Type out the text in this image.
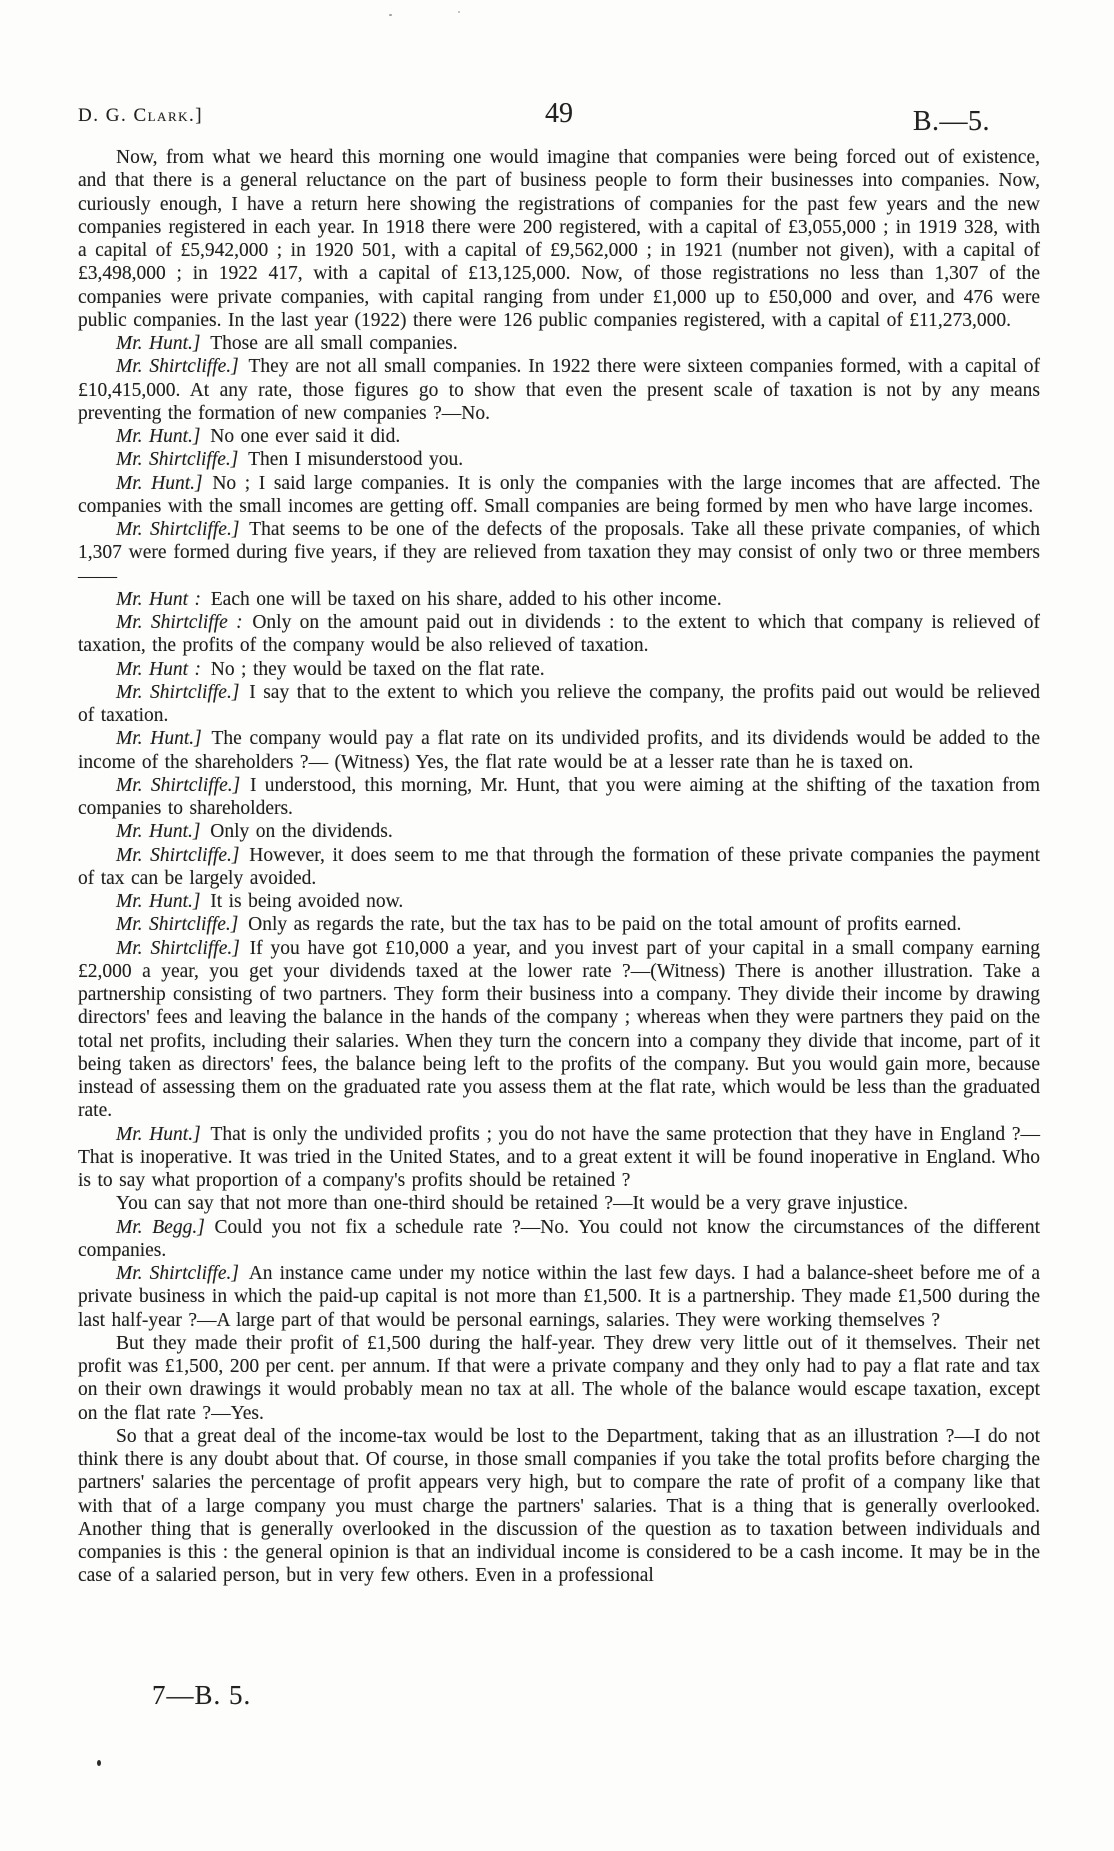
D. G. Clark.]	49	B.—5.

Now, from what we heard this morning one would imagine that companies were being forced out of existence, and that there is a general reluctance on the part of business people to form their businesses into companies. Now, curiously enough, I have a return here showing the registrations of companies for the past few years and the new companies registered in each year. In 1918 there were 200 registered, with a capital of £3,055,000 ; in 1919 328, with a capital of £5,942,000 ; in 1920 501, with a capital of £9,562,000 ; in 1921 (number not given), with a capital of £3,498,000 ; in 1922 417, with a capital of £13,125,000. Now, of those registrations no less than 1,307 of the companies were private companies, with capital ranging from under £1,000 up to £50,000 and over, and 476 were public companies. In the last year (1922) there were 126 public companies registered, with a capital of £11,273,000.

Mr. Hunt.] Those are all small companies.

Mr. Shirtcliffe.] They are not all small companies. In 1922 there were sixteen companies formed, with a capital of £10,415,000. At any rate, those figures go to show that even the present scale of taxation is not by any means preventing the formation of new companies ?—No.

Mr. Hunt.] No one ever said it did.

Mr. Shirtcliffe.] Then I misunderstood you.

Mr. Hunt.] No ; I said large companies. It is only the companies with the large incomes that are affected. The companies with the small incomes are getting off. Small companies are being formed by men who have large incomes.

Mr. Shirtcliffe.] That seems to be one of the defects of the proposals. Take all these private companies, of which 1,307 were formed during five years, if they are relieved from taxation they may consist of only two or three members——

Mr. Hunt : Each one will be taxed on his share, added to his other income.

Mr. Shirtcliffe : Only on the amount paid out in dividends : to the extent to which that company is relieved of taxation, the profits of the company would be also relieved of taxation.

Mr. Hunt : No ; they would be taxed on the flat rate.

Mr. Shirtcliffe.] I say that to the extent to which you relieve the company, the profits paid out would be relieved of taxation.

Mr. Hunt.] The company would pay a flat rate on its undivided profits, and its dividends would be added to the income of the shareholders ?— (Witness) Yes, the flat rate would be at a lesser rate than he is taxed on.

Mr. Shirtcliffe.] I understood, this morning, Mr. Hunt, that you were aiming at the shifting of the taxation from companies to shareholders.

Mr. Hunt.] Only on the dividends.

Mr. Shirtcliffe.] However, it does seem to me that through the formation of these private companies the payment of tax can be largely avoided.

Mr. Hunt.] It is being avoided now.

Mr. Shirtcliffe.] Only as regards the rate, but the tax has to be paid on the total amount of profits earned.

Mr. Shirtcliffe.] If you have got £10,000 a year, and you invest part of your capital in a small company earning £2,000 a year, you get your dividends taxed at the lower rate ?—(Witness) There is another illustration. Take a partnership consisting of two partners. They form their business into a company. They divide their income by drawing directors' fees and leaving the balance in the hands of the company ; whereas when they were partners they paid on the total net profits, including their salaries. When they turn the concern into a company they divide that income, part of it being taken as directors' fees, the balance being left to the profits of the company. But you would gain more, because instead of assessing them on the graduated rate you assess them at the flat rate, which would be less than the graduated rate.

Mr. Hunt.] That is only the undivided profits ; you do not have the same protection that they have in England ?—That is inoperative. It was tried in the United States, and to a great extent it will be found inoperative in England. Who is to say what proportion of a company's profits should be retained ?

You can say that not more than one-third should be retained ?—It would be a very grave injustice.

Mr. Begg.] Could you not fix a schedule rate ?—No. You could not know the circumstances of the different companies.

Mr. Shirtcliffe.] An instance came under my notice within the last few days. I had a balance-sheet before me of a private business in which the paid-up capital is not more than £1,500. It is a partnership. They made £1,500 during the last half-year ?—A large part of that would be personal earnings, salaries. They were working themselves ?

But they made their profit of £1,500 during the half-year. They drew very little out of it themselves. Their net profit was £1,500, 200 per cent. per annum. If that were a private company and they only had to pay a flat rate and tax on their own drawings it would probably mean no tax at all. The whole of the balance would escape taxation, except on the flat rate ?—Yes.

So that a great deal of the income-tax would be lost to the Department, taking that as an illustration ?—I do not think there is any doubt about that. Of course, in those small companies if you take the total profits before charging the partners' salaries the percentage of profit appears very high, but to compare the rate of profit of a company like that with that of a large company you must charge the partners' salaries. That is a thing that is generally overlooked. Another thing that is generally overlooked in the discussion of the question as to taxation between individuals and companies is this : the general opinion is that an individual income is considered to be a cash income. It may be in the case of a salaried person, but in very few others. Even in a professional

7—B. 5.
